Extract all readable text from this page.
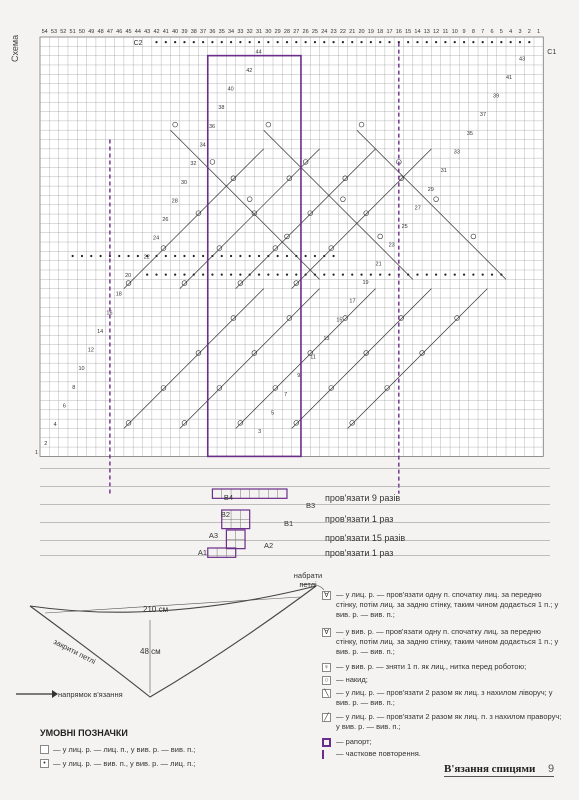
54 53 52 51 50 49 48 47 46 45 44 43 42 41 40 39 38 37 36 35 34 33 32 31 30 29 28 27 26 25 24 23 22 21 20 19 18 17 16 15 14 13 12 11 10 9 8 7 6 5 4 3 2 1
1
2
4
6
8
10
12
14
16
18
20
22
24
26
28
30
32
34
36
38
40
42
44
3
5
7
9
11
13
15
17
19
21
23
25
27
29
31
33
35
37
39
41
43
C2
C1
B4
B3
B2
B1
A3
A2
A1
Схема
пров'язати 9 разів
пров'язати 1 раз
пров'язати 15 разів
пров'язати 1 раз
набрати петлі
210 см
48 см
закрити петлі
напрямок в'язання
УМОВНІ ПОЗНАЧКИ
— у лиц. р. — лиц. п., у вив. р. — вив. п.;
• — у лиц. р. — вив. п., у вив. р. — лиц. п.;
∀ — у лиц. р. — пров'язати одну п. спочатку лиц. за передню стінку, потім лиц. за задню стінку, таким чином додається 1 п.; у вив. р. — вив. п.;
∀ — у вив. р. — пров'язати одну п. спочатку лиц. за передню стінку, потім лиц. за задню стінку, таким чином додається 1 п.; у вив. р. — вив. п.;
♀ — у вив. р. — зняти 1 п. як лиц., нитка перед роботою;
○ — накид;
╲ — у лиц. р. — пров'язати 2 разом як лиц. з нахилом ліворуч; у вив. р. — вив. п.;
╱ — у лиц. р. — пров'язати 2 разом як лиц. п. з нахилом праворуч; у вив. р. — вив. п.;
— рапорт;
— часткове повторення.
В'язання спицями 9
